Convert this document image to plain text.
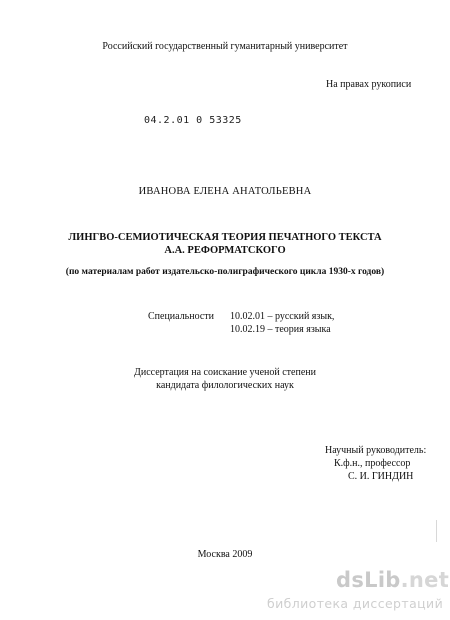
Российский государственный гуманитарный университет
На правах рукописи
04.2.01 0 53325
ИВАНОВА ЕЛЕНА АНАТОЛЬЕВНА
ЛИНГВО-СЕМИОТИЧЕСКАЯ ТЕОРИЯ ПЕЧАТНОГО ТЕКСТА
А.А. РЕФОРМАТСКОГО
(по материалам работ издательско-полиграфического цикла 1930-х годов)
Специальности 10.02.01 – русский язык,
10.02.19 – теория языка
Диссертация на соискание ученой степени
кандидата филологических наук
Научный руководитель:
К.ф.н., профессор
С. И. ГИНДИН
Москва 2009
dsLib.net
библиотека диссертаций
